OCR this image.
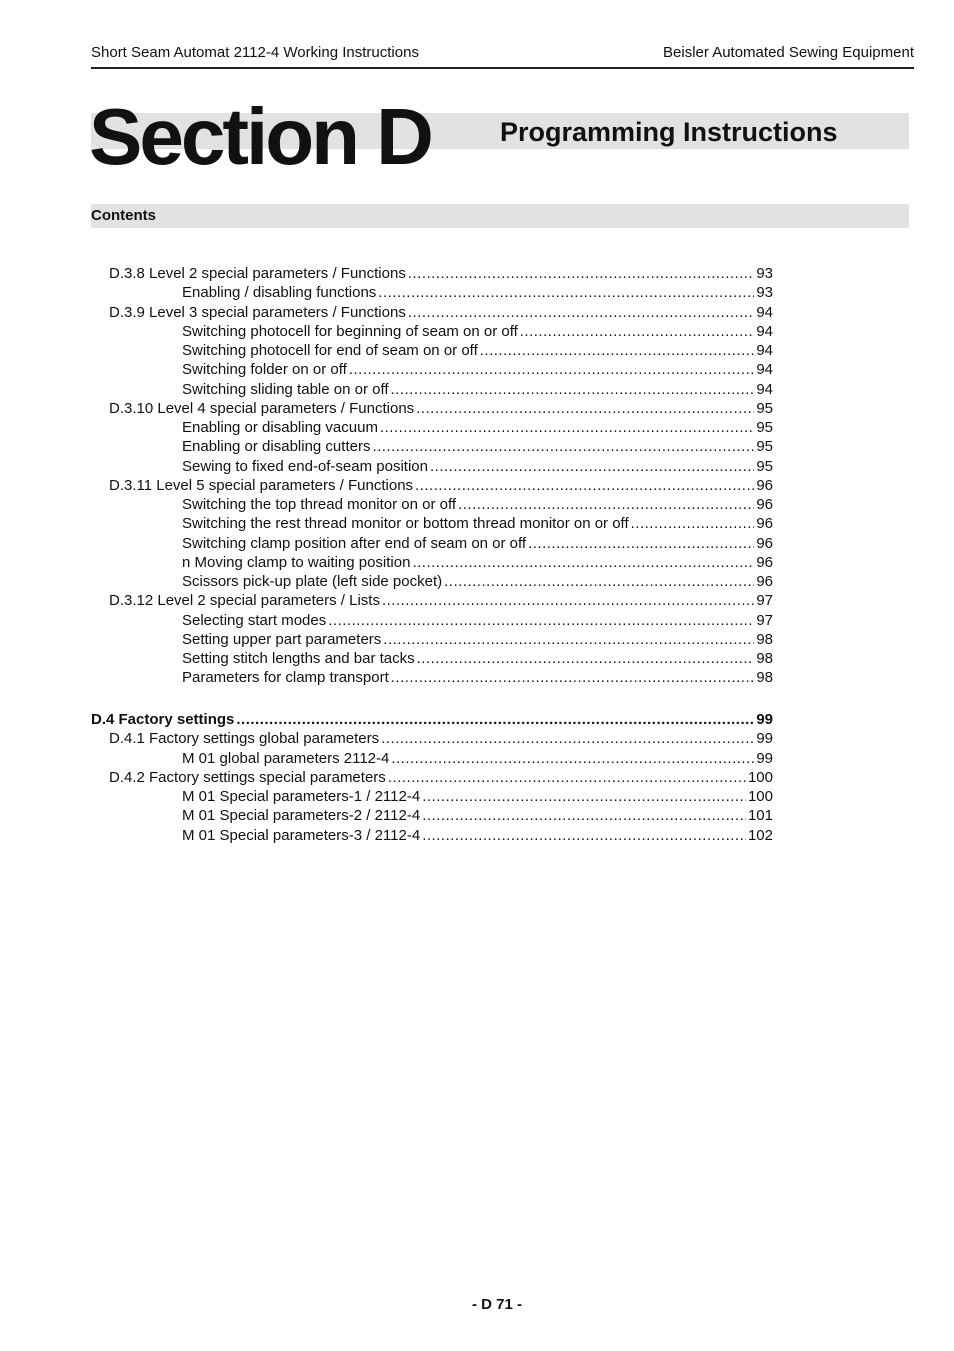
Short Seam Automat 2112-4 Working Instructions	Beisler Automated Sewing Equipment
Section D	Programming Instructions
Contents
D.3.8 Level 2 special parameters / Functions .....	93
Enabling / disabling functions .....	93
D.3.9 Level 3 special parameters / Functions .....	94
Switching photocell for beginning of seam on or off .....	94
Switching photocell for end of seam on or off .....	94
Switching folder on or off .....	94
Switching sliding table on or off .....	94
D.3.10 Level 4 special parameters / Functions .....	95
Enabling or disabling vacuum .....	95
Enabling or disabling cutters .....	95
Sewing to fixed end-of-seam position .....	95
D.3.11 Level 5 special parameters / Functions .....	96
Switching the top thread monitor on or off .....	96
Switching the rest thread monitor or bottom thread monitor on or off .....	96
Switching clamp position after end of seam on or off .....	96
n Moving clamp to waiting position .....	96
Scissors pick-up plate (left side pocket) .....	96
D.3.12 Level 2 special parameters / Lists .....	97
Selecting start modes .....	97
Setting upper part parameters .....	98
Setting stitch lengths and bar tacks .....	98
Parameters for clamp transport .....	98
D.4 Factory settings .....	99
D.4.1 Factory settings global parameters .....	99
M 01 global parameters 2112-4 .....	99
D.4.2 Factory settings special parameters .....	100
M 01 Special parameters-1 / 2112-4 .....	100
M 01 Special parameters-2 / 2112-4 .....	101
M 01 Special parameters-3 / 2112-4 .....	102
- D 71 -
